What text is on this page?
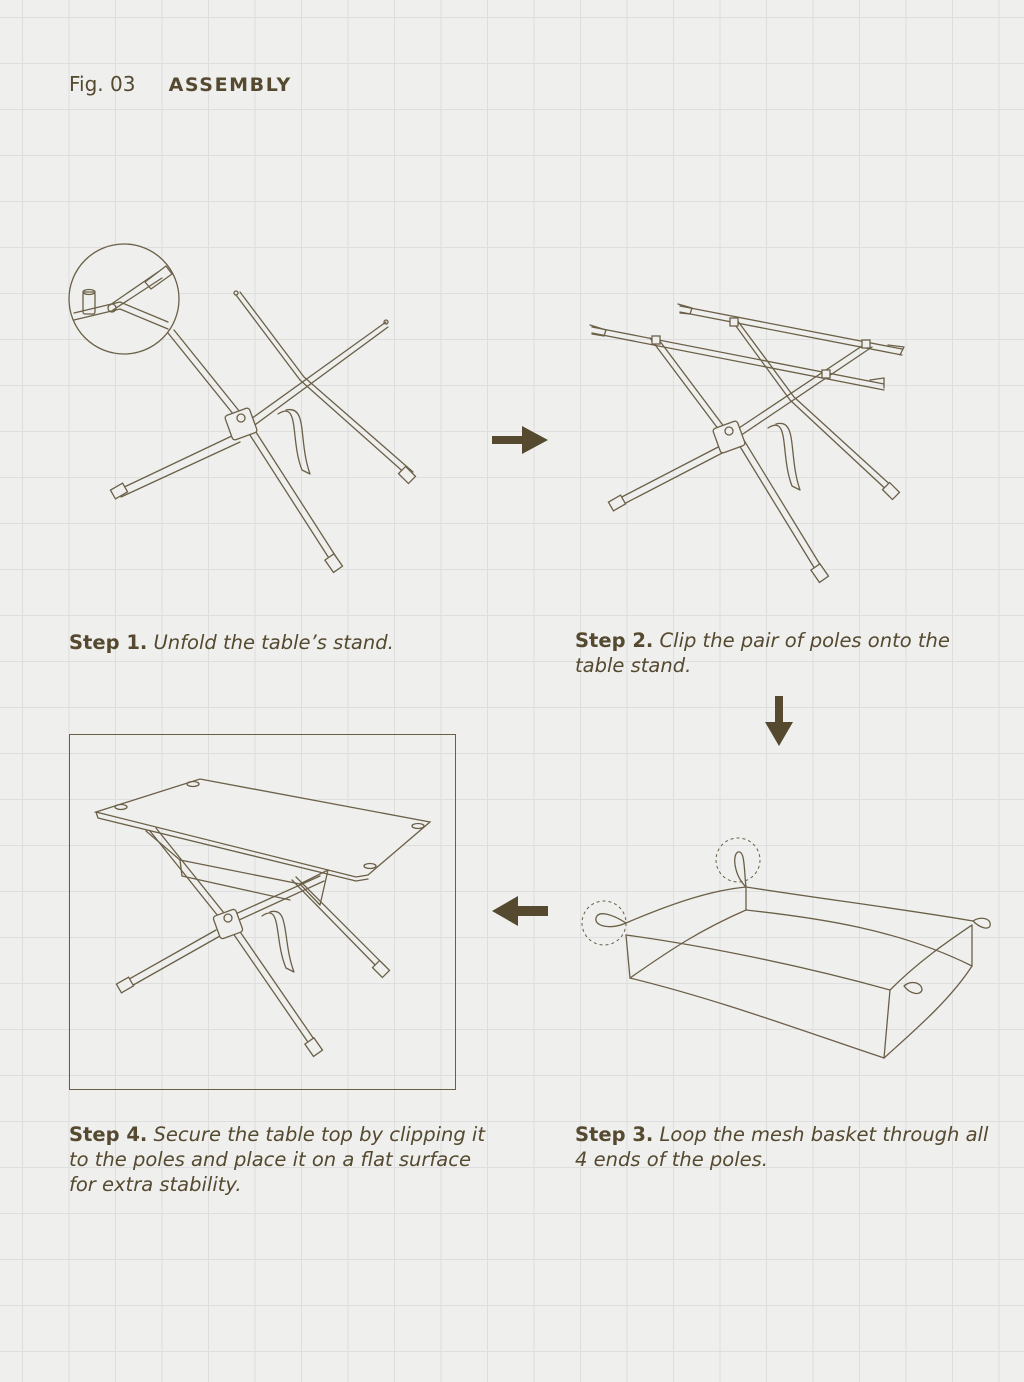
Fig. 03 ASSEMBLY
Step 1. Unfold the table’s stand.	Step 2. Clip the pair of poles onto the table stand.
Step 3. Loop the mesh basket through all 4 ends of the poles.
Step 4. Secure the table top by clipping it to the poles and place it on a flat surface for extra stability.
